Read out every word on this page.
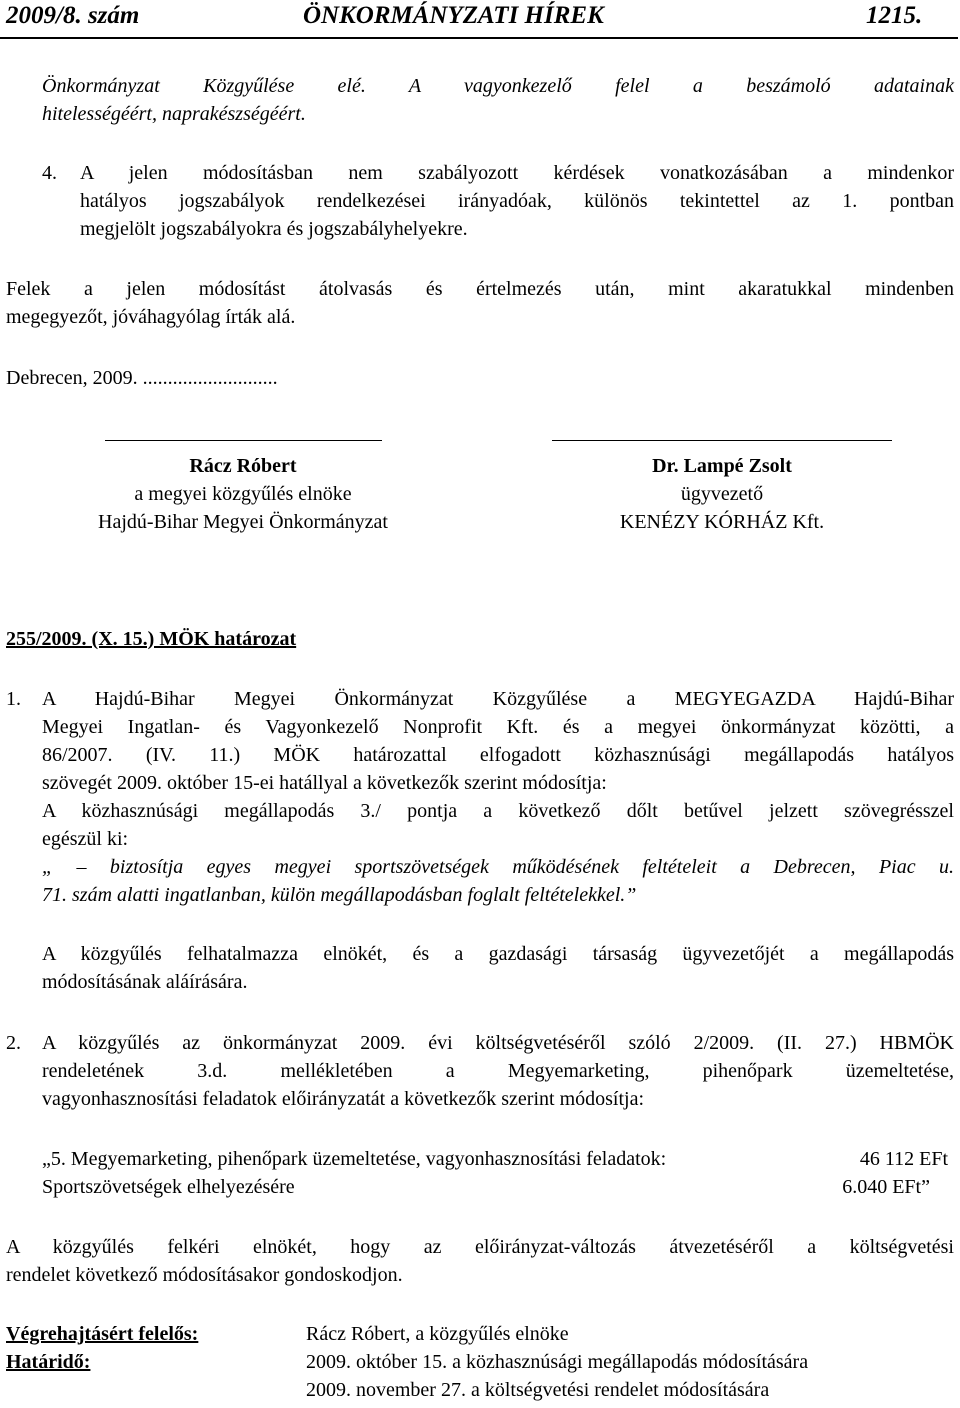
2009/8. szám	ÖNKORMÁNYZATI HÍREK	1215.
Önkormányzat Közgyűlése elé. A vagyonkezelő felel a beszámoló adatainak
hitelességéért, naprakészségéért.
4. A jelen módosításban nem szabályozott kérdések vonatkozásában a mindenkor
hatályos jogszabályok rendelkezései irányadóak, különös tekintettel az 1. pontban
megjelölt jogszabályokra és jogszabályhelyekre.
Felek a jelen módosítást átolvasás és értelmezés után, mint akaratukkal mindenben
megegyezőt, jóváhagyólag írták alá.
Debrecen, 2009. ...........................
Rácz Róbert
a megyei közgyűlés elnöke
Hajdú-Bihar Megyei Önkormányzat
Dr. Lampé Zsolt
ügyvezető
KENÉZY KÓRHÁZ Kft.
255/2009. (X. 15.) MÖK határozat
1. A Hajdú-Bihar Megyei Önkormányzat Közgyűlése a MEGYEGAZDA Hajdú-Bihar
Megyei Ingatlan- és Vagyonkezelő Nonprofit Kft. és a megyei önkormányzat közötti, a
86/2007. (IV. 11.) MÖK határozattal elfogadott közhasznúsági megállapodás hatályos
szövegét 2009. október 15-ei hatállyal a következők szerint módosítja:
A közhasznúsági megállapodás 3./ pontja a következő dőlt betűvel jelzett szövegrésszel
egészül ki:
„ – biztosítja egyes megyei sportszövetségek működésének feltételeit a Debrecen, Piac u.
71. szám alatti ingatlanban, külön megállapodásban foglalt feltételekkel.”
A közgyűlés felhatalmazza elnökét, és a gazdasági társaság ügyvezetőjét a megállapodás
módosításának aláírására.
2. A közgyűlés az önkormányzat 2009. évi költségvetéséről szóló 2/2009. (II. 27.) HBMÖK
rendeletének 3.d. mellékletében a Megyemarketing, pihenőpark üzemeltetése,
vagyonhasznosítási feladatok előirányzatát a következők szerint módosítja:
„5. Megyemarketing, pihenőpark üzemeltetése, vagyonhasznosítási feladatok:	46 112 EFt
Sportszövetségek elhelyezésére	6.040 EFt”
A közgyűlés felkéri elnökét, hogy az előirányzat-változás átvezetéséről a költségvetési
rendelet következő módosításakor gondoskodjon.
Végrehajtásért felelős:	Rácz Róbert, a közgyűlés elnöke
Határidő:	2009. október 15. a közhasznúsági megállapodás módosítására
2009. november 27. a költségvetési rendelet módosítására
